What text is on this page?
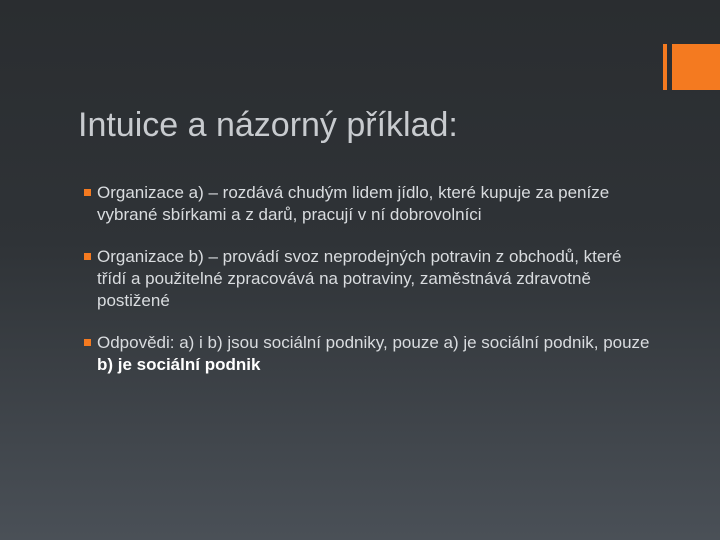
Intuice a názorný příklad:
Organizace a) – rozdává chudým lidem jídlo, které kupuje za peníze vybrané sbírkami a z darů, pracují v ní dobrovolníci
Organizace b) – provádí svoz neprodejných potravin z obchodů, které třídí a použitelné zpracovává na potraviny, zaměstnává zdravotně postižené
Odpovědi: a) i b) jsou sociální podniky, pouze a) je sociální podnik, pouze b) je sociální podnik
